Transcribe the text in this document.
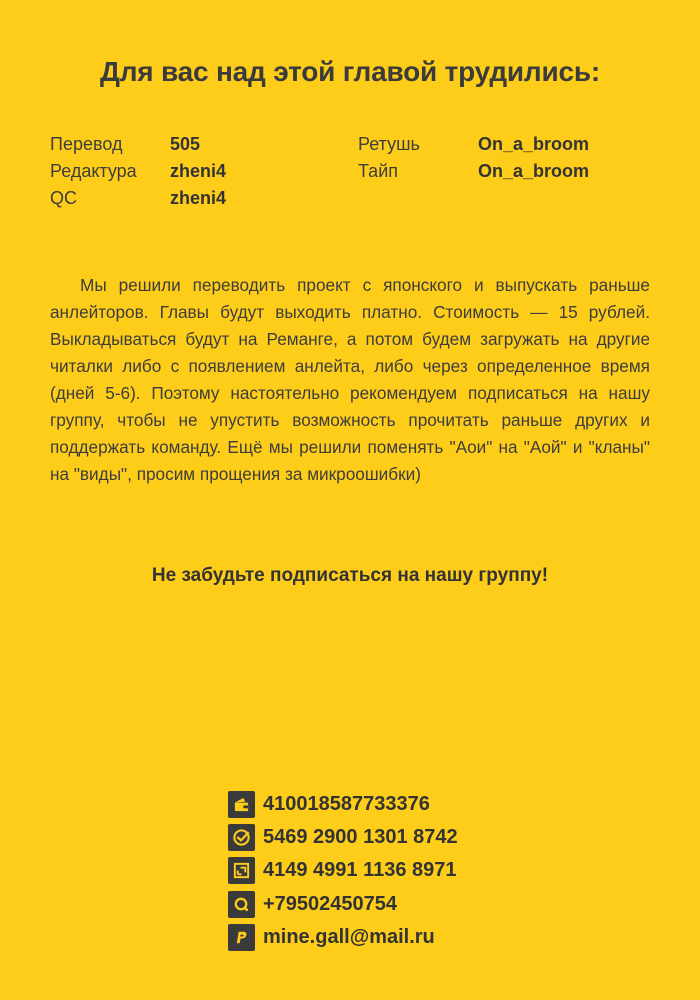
Для вас над этой главой трудились:
Перевод	505
Редактура zheni4
QC	zheni4
Ретушь	On_a_broom
Тайп	On_a_broom

Мы решили переводить проект с японского и выпускать раньше анлейторов. Главы будут выходить платно. Стоимость — 15 рублей. Выкладываться будут на Реманге, а потом будем загружать на другие читалки либо с появлением анлейта, либо через определенное время (дней 5-6). Поэтому настоятельно рекомендуем подписаться на нашу группу, чтобы не упустить возможность прочитать раньше других и поддержать команду. Ещё мы решили поменять "Аои" на "Аой" и "кланы" на "виды", просим прощения за микроошибки)

Не забудьте подписаться на нашу группу!
410018587733376
5469 2900 1301 8742
4149 4991 1136 8971
+79502450754
mine.gall@mail.ru
